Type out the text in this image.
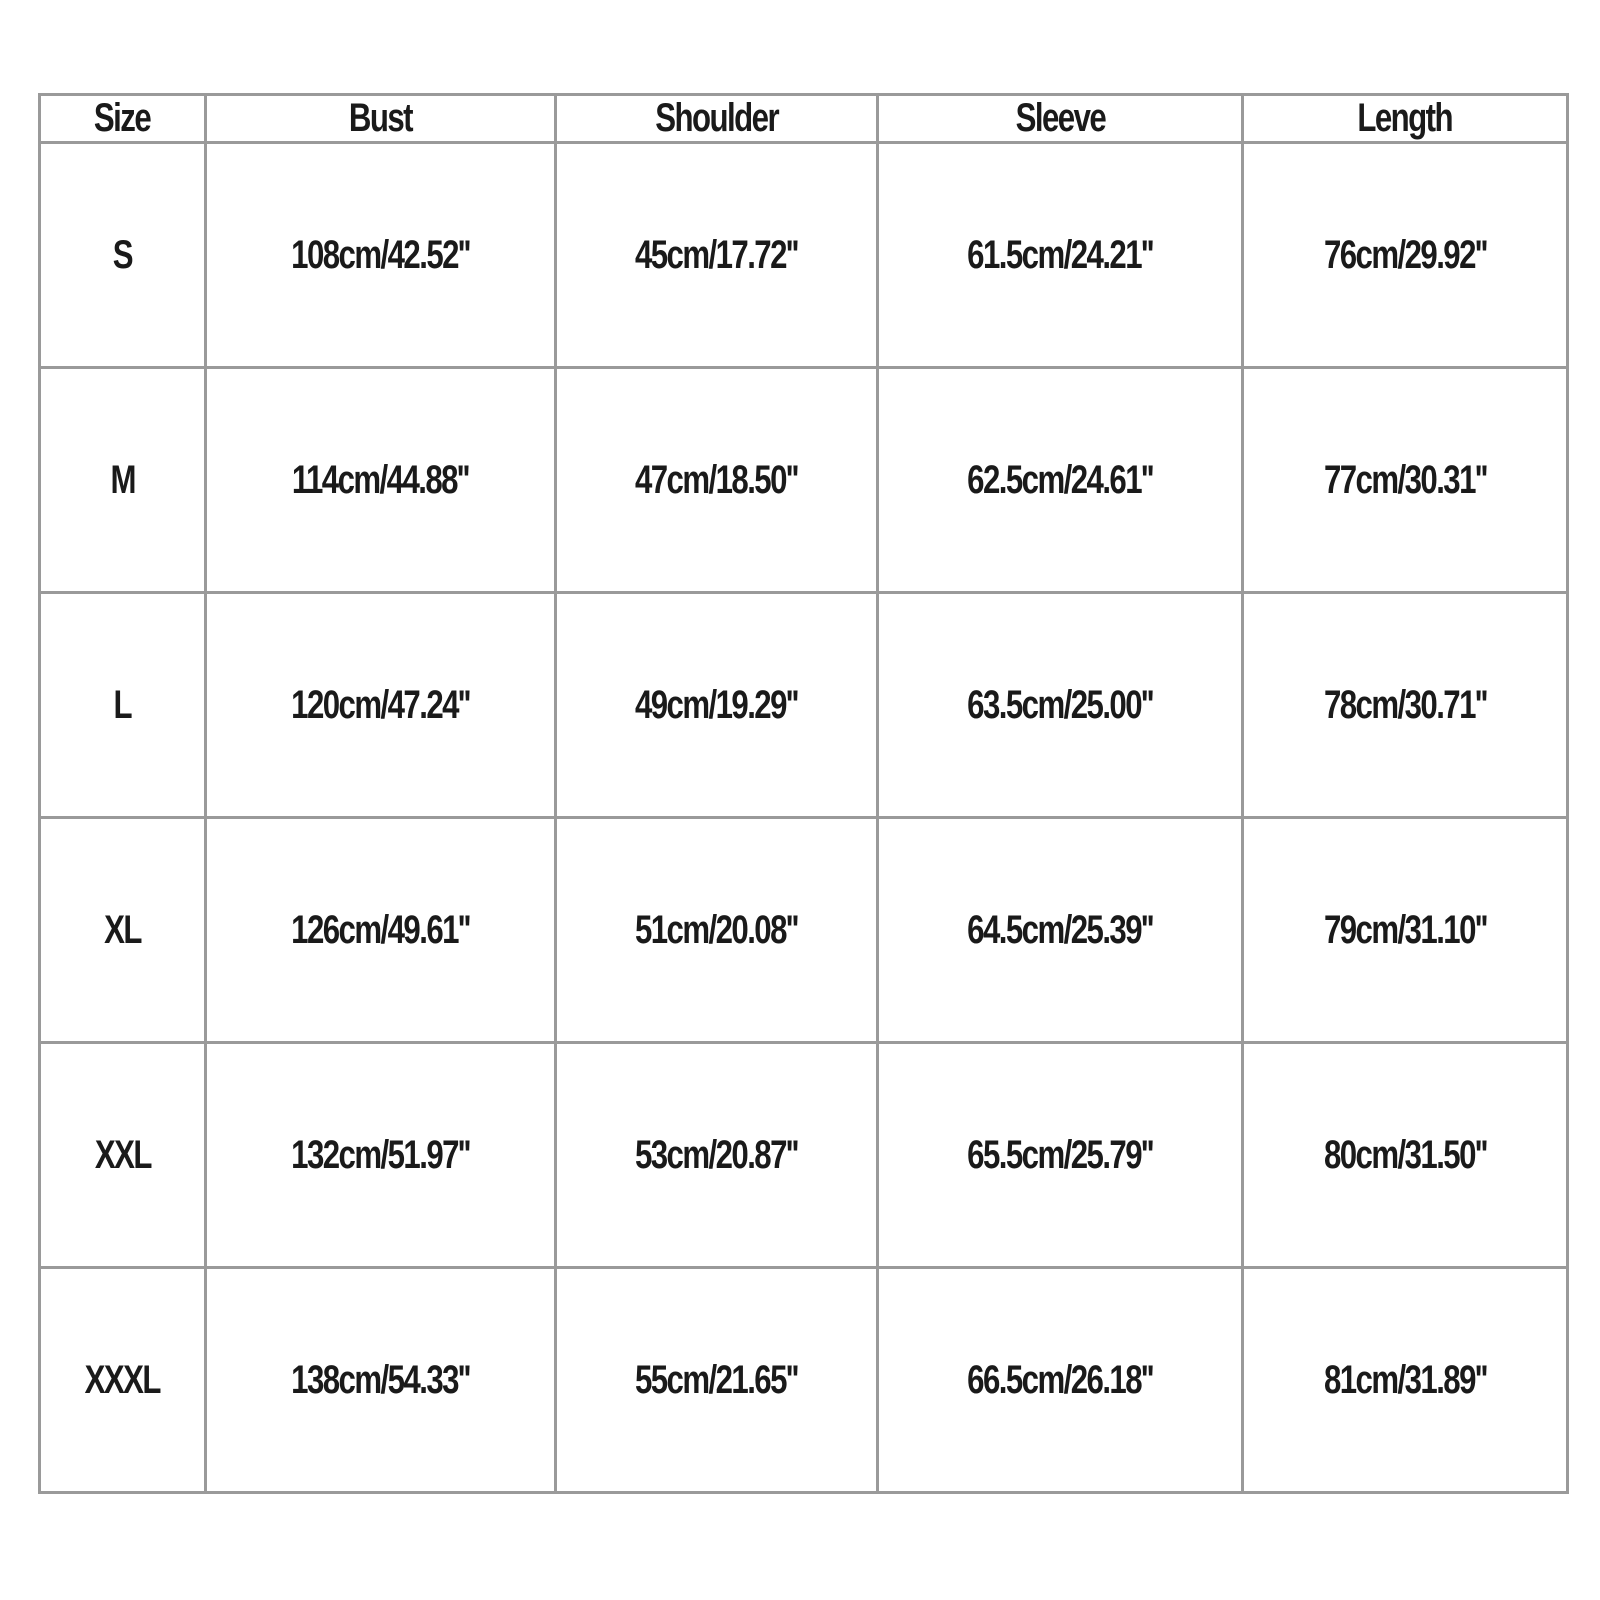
Size	Bust	Shoulder	Sleeve	Length
S	108cm/42.52''	45cm/17.72''	61.5cm/24.21''	76cm/29.92''
M	114cm/44.88''	47cm/18.50''	62.5cm/24.61''	77cm/30.31''
L	120cm/47.24''	49cm/19.29''	63.5cm/25.00''	78cm/30.71''
XL	126cm/49.61''	51cm/20.08''	64.5cm/25.39''	79cm/31.10''
XXL	132cm/51.97''	53cm/20.87''	65.5cm/25.79''	80cm/31.50''
XXXL	138cm/54.33''	55cm/21.65''	66.5cm/26.18''	81cm/31.89''
